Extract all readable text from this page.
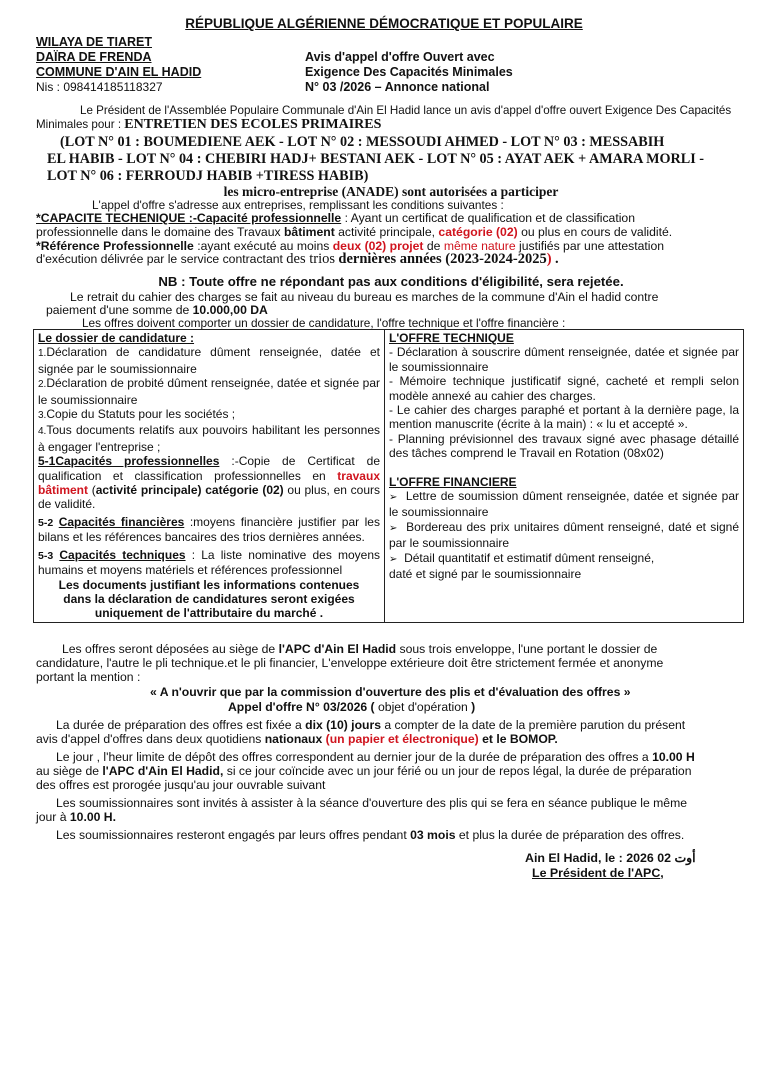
RÉPUBLIQUE ALGÉRIENNE DÉMOCRATIQUE ET POPULAIRE
WILAYA DE TIARET
DAÏRA DE FRENDA
COMMUNE D'AIN EL HADID
Nis : 098414185118327
Avis d'appel d'offre Ouvert avec
Exigence Des Capacités Minimales
N° 03 /2026 – Annonce national
Le Président de l'Assemblée Populaire Communale d'Ain El Hadid lance un avis d'appel d'offre ouvert Exigence Des Capacités
Minimales pour : ENTRETIEN DES ECOLES PRIMAIRES
(LOT N° 01 : BOUMEDIENE AEK - LOT N° 02 : MESSOUDI AHMED - LOT N° 03 : MESSABIH
EL HABIB - LOT N° 04 : CHEBIRI HADJ+ BESTANI AEK - LOT N° 05 : AYAT AEK + AMARA MORLI -
LOT N° 06 : FERROUDJ HABIB +TIRESS HABIB)
les micro-entreprise (ANADE) sont autorisées a participer
L'appel d'offre s'adresse aux entreprises, remplissant les conditions suivantes :
*CAPACITE TECHENIQUE :-Capacité professionnelle : Ayant un certificat de qualification et de classification
professionnelle dans le domaine des Travaux bâtiment activité principale, catégorie (02) ou plus en cours de validité.
*Référence Professionnelle :ayant exécuté au moins deux (02) projet de même nature justifiés par une attestation
d'exécution délivrée par le service contractant des trios dernières années (2023-2024-2025) .
NB : Toute offre ne répondant pas aux conditions d'éligibilité, sera rejetée.
Le retrait du cahier des charges se fait au niveau du bureau es marches de la commune d'Ain el hadid contre
paiement d'une somme de 10.000,00 DA
Les offres doivent comporter un dossier de candidature, l'offre technique et l'offre financière :
Le dossier de candidature :
1.Déclaration de candidature dûment renseignée, datée et signée par le soumissionnaire
2.Déclaration de probité dûment renseignée, datée et signée par le soumissionnaire
3.Copie du Statuts pour les sociétés ;
4.Tous documents relatifs aux pouvoirs habilitant les personnes à engager l'entreprise ;
5-1Capacités professionnelles :-Copie de Certificat de qualification et classification professionnelles en travaux bâtiment (activité principale) catégorie (02) ou plus, en cours de validité.
5-2 Capacités financières :moyens financière justifier par les bilans et les références bancaires des trios dernières années.
5-3 Capacités techniques : La liste nominative des moyens humains et moyens matériels et références professionnel
Les documents justifiant les informations contenues dans la déclaration de candidatures seront exigées uniquement de l'attributaire du marché .

L'OFFRE TECHNIQUE
- Déclaration à souscrire dûment renseignée, datée et signée par le soumissionnaire
- Mémoire technique justificatif signé, cacheté et rempli selon modèle annexé au cahier des charges.
- Le cahier des charges paraphé et portant à la dernière page, la mention manuscrite (écrite à la main) : « lu et accepté ».
- Planning prévisionnel des travaux signé avec phasage détaillé des tâches comprend le Travail en Rotation (08x02)
L'OFFRE FINANCIERE
➢ Lettre de soumission dûment renseignée, datée et signée par le soumissionnaire
➢ Bordereau des prix unitaires dûment renseigné, daté et signé par le soumissionnaire
➢ Détail quantitatif et estimatif dûment renseigné,
daté et signé par le soumissionnaire
Les offres seront déposées au siège de l'APC d'Ain El Hadid sous trois enveloppe, l'une portant le dossier de
candidature, l'autre le pli technique.et le pli financier, L'enveloppe extérieure doit être strictement fermée et anonyme
portant la mention :
« A n'ouvrir que par la commission d'ouverture des plis et d'évaluation des offres »
Appel d'offre N° 03/2026 ( objet d'opération )
La durée de préparation des offres est fixée a dix (10) jours a compter de la date de la première parution du présent
avis d'appel d'offres dans deux quotidiens nationaux (un papier et électronique) et le BOMOP.
Le jour , l'heur limite de dépôt des offres correspondent au dernier jour de la durée de préparation des offres a 10.00 H
au siège de l'APC d'Ain El Hadid, si ce jour coïncide avec un jour férié ou un jour de repos légal, la durée de préparation
des offres est prorogée jusqu'au jour ouvrable suivant
Les soumissionnaires sont invités à assister à la séance d'ouverture des plis qui se fera en séance publique le même
jour à 10.00 H.
Les soumissionnaires resteront engagés par leurs offres pendant 03 mois et plus la durée de préparation des offres.
Ain El Hadid, le : 2026 أوت 02
Le Président de l'APC,
